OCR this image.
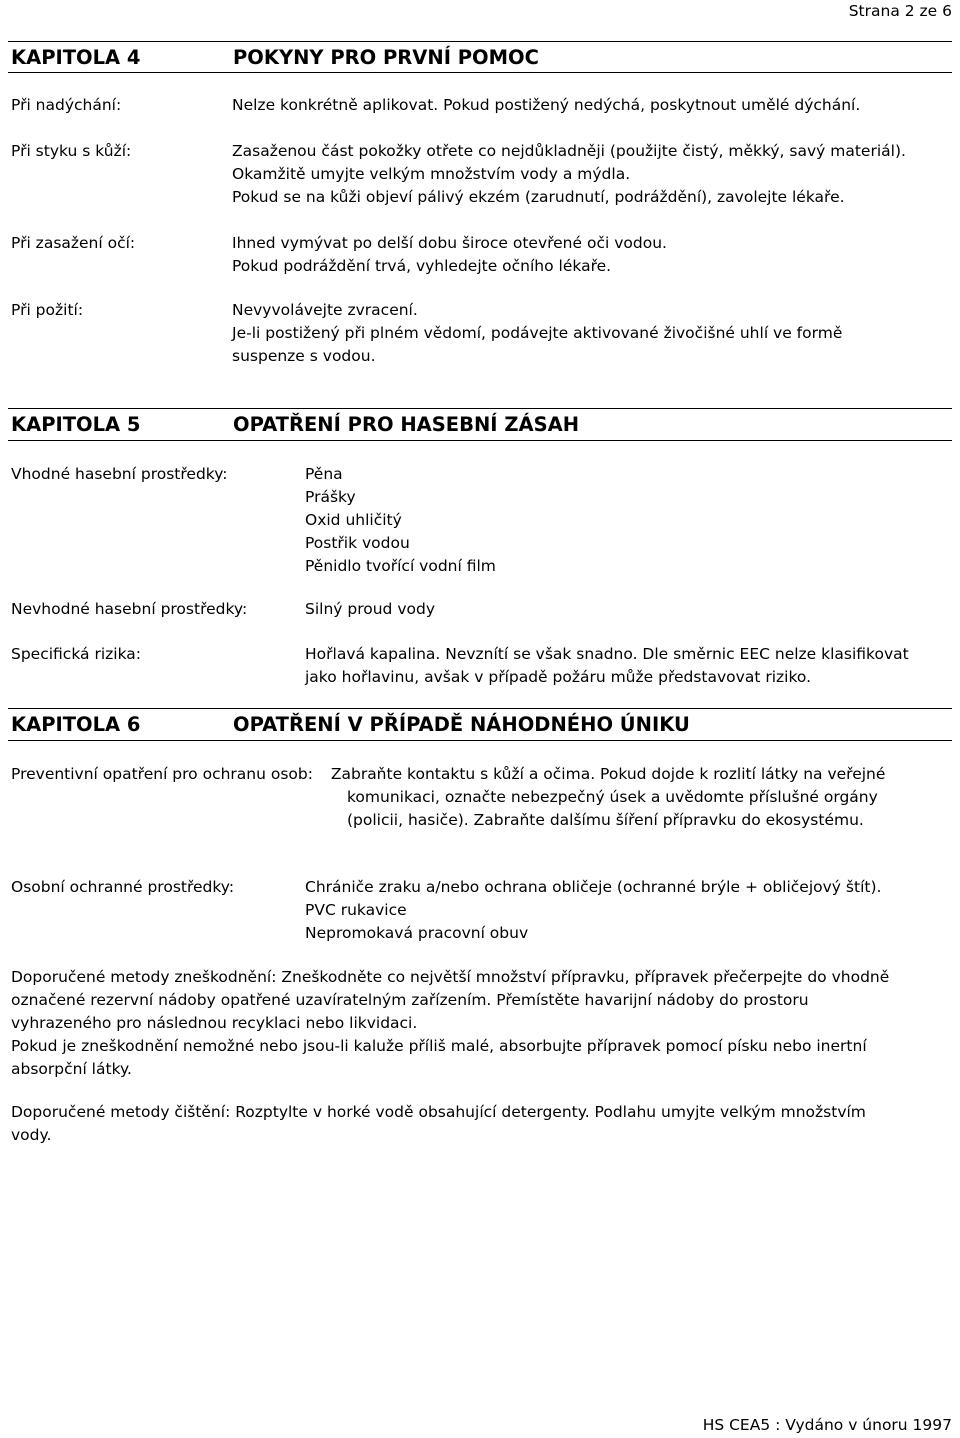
Strana 2 ze 6
KAPITOLA 4	POKYNY PRO PRVNÍ POMOC
Při nadýchání:	Nelze konkrétně aplikovat. Pokud postižený nedýchá, poskytnout umělé dýchání.
Při styku s kůží:	Zasaženou část pokožky otřete co nejdůkladněji (použijte čistý, měkký, savý materiál).
Okamžitě umyjte velkým množstvím vody a mýdla.
Pokud se na kůži objeví pálivý ekzém (zarudnutí, podráždění), zavolejte lékaře.
Při zasažení očí:	Ihned vymývat po delší dobu široce otevřené oči vodou.
Pokud podráždění trvá, vyhledejte očního lékaře.
Při požití:	Nevyvolávejte zvracení.
Je-li postižený při plném vědomí, podávejte aktivované živočišné uhlí ve formě
suspenze s vodou.
KAPITOLA 5	OPATŘENÍ PRO HASEBNÍ ZÁSAH
Vhodné hasební prostředky:	Pěna
Prášky
Oxid uhličitý
Postřik vodou
Pěnidlo tvořící vodní film
Nevhodné hasební prostředky:	Silný proud vody
Specifická rizika:	Hořlavá kapalina. Nevznítí se však snadno. Dle směrnic EEC nelze klasifikovat
jako hořlavinu, avšak v případě požáru může představovat riziko.
KAPITOLA 6	OPATŘENÍ V PŘÍPADĚ NÁHODNÉHO ÚNIKU
Preventivní opatření pro ochranu osob: Zabraňte kontaktu s kůží a očima. Pokud dojde k rozlití látky na veřejné
komunikaci, označte nebezpečný úsek a uvědomte příslušné orgány
(policii, hasiče). Zabraňte dalšímu šíření přípravku do ekosystému.
Osobní ochranné prostředky:	Chrániče zraku a/nebo ochrana obličeje (ochranné brýle + obličejový štít).
PVC rukavice
Nepromokavá pracovní obuv
Doporučené metody zneškodnění: Zneškodněte co největší množství přípravku, přípravek přečerpejte do vhodně
označené rezervní nádoby opatřené uzavíratelným zařízením. Přemístěte havarijní nádoby do prostoru
vyhrazeného pro následnou recyklaci nebo likvidaci.
Pokud je zneškodnění nemožné nebo jsou-li kaluže příliš malé, absorbujte přípravek pomocí písku nebo inertní
absorpční látky.
Doporučené metody čištění: Rozptylte v horké vodě obsahující detergenty. Podlahu umyjte velkým množstvím
vody.
HS CEA5 : Vydáno v únoru 1997
